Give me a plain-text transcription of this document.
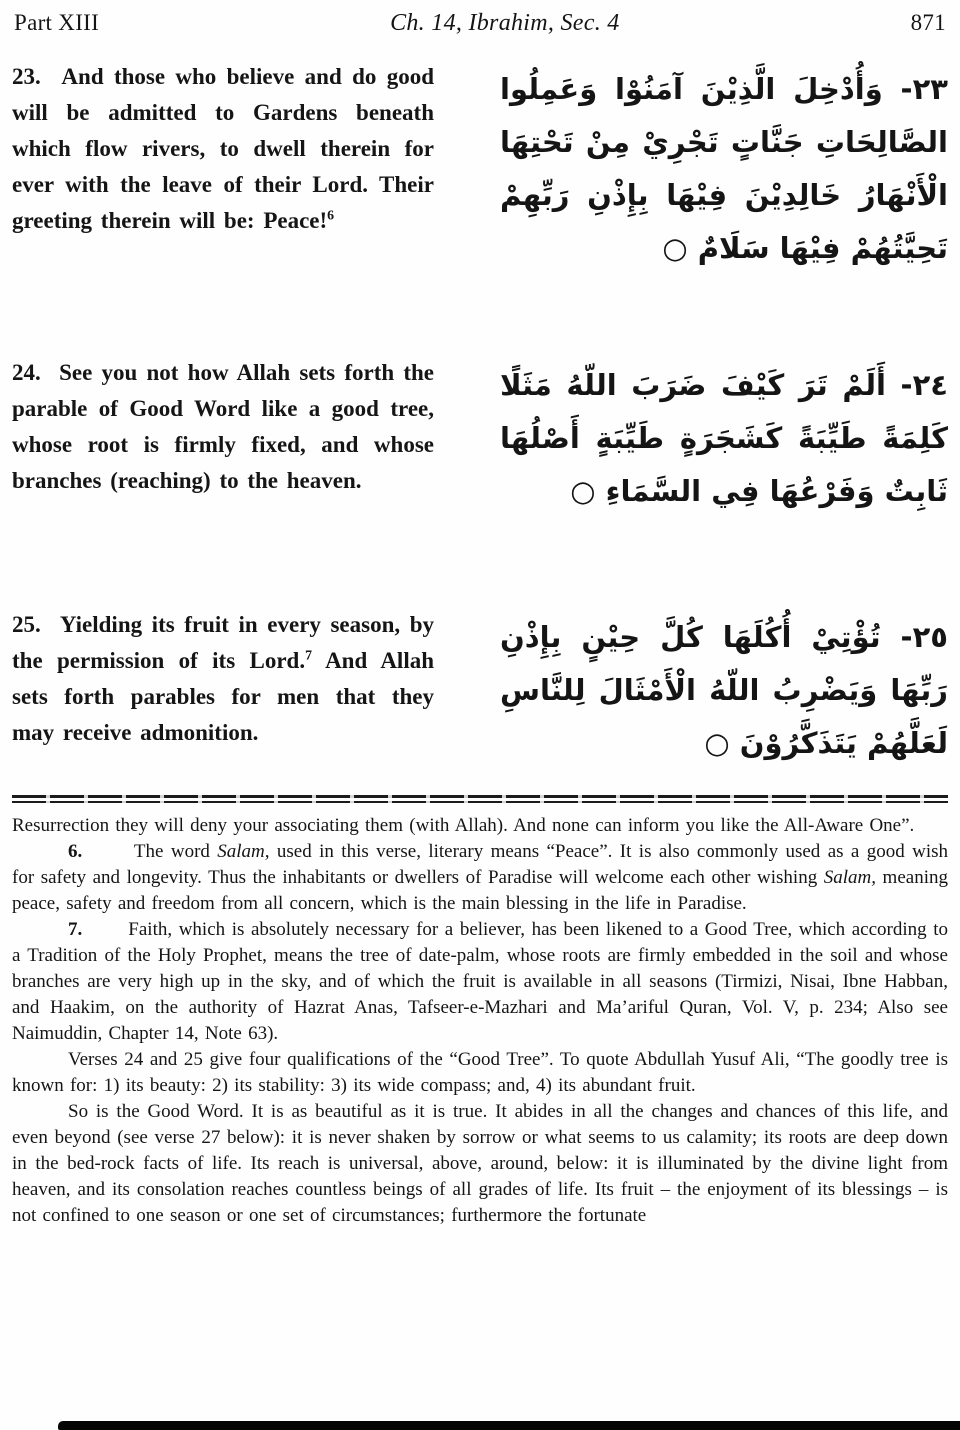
Part XIII	Ch. 14, Ibrahim, Sec. 4	871

23.  And those who believe and do good will be admitted to Gardens beneath which flow rivers, to dwell therein for ever with the leave of their Lord. Their greeting therein will be: Peace!$^6$

٢٣- وَأُدْخِلَ الَّذِيْنَ آمَنُوْا وَعَمِلُوا الصَّالِحَاتِ جَنَّاتٍ تَجْرِيْ مِنْ تَحْتِهَا الْأَنْهَارُ خَالِدِيْنَ فِيْهَا بِإِذْنِ رَبِّهِمْ تَحِيَّتُهُمْ فِيْهَا سَلَامٌ ○

24.  See you not how Allah sets forth the parable of Good Word like a good tree, whose root is firmly fixed, and whose branches (reaching) to the heaven.

٢٤- أَلَمْ تَرَ كَيْفَ ضَرَبَ اللّهُ مَثَلًا كَلِمَةً طَيِّبَةً كَشَجَرَةٍ طَيِّبَةٍ أَصْلُهَا ثَابِتٌ وَفَرْعُهَا فِي السَّمَاءِ ○

25.  Yielding its fruit in every season, by the permission of its Lord.$^7$ And Allah sets forth parables for men that they may receive admonition.

٢٥- تُؤْتِيْ أُكُلَهَا كُلَّ حِيْنٍ بِإِذْنِ رَبِّهَا وَيَضْرِبُ اللّهُ الْأَمْثَالَ لِلنَّاسِ لَعَلَّهُمْ يَتَذَكَّرُوْنَ ○

Resurrection they will deny your associating them (with Allah). And none can inform you like the All-Aware One”.

6.       The word Salam, used in this verse, literary means “Peace”. It is also commonly used as a good wish for safety and longevity. Thus the inhabitants or dwellers of Paradise will welcome each other wishing Salam, meaning peace, safety and freedom from all concern, which is the main blessing in the life in Paradise.

7.       Faith, which is absolutely necessary for a believer, has been likened to a Good Tree, which according to a Tradition of the Holy Prophet, means the tree of date-palm, whose roots are firmly embedded in the soil and whose branches are very high up in the sky, and of which the fruit is available in all seasons (Tirmizi, Nisai, Ibne Habban, and Haakim, on the authority of Hazrat Anas, Tafseer-e-Mazhari and Ma’ariful Quran, Vol. V, p. 234; Also see Naimuddin, Chapter 14, Note 63).

Verses 24 and 25 give four qualifications of the “Good Tree”. To quote Abdullah Yusuf Ali, “The goodly tree is known for: 1) its beauty: 2) its stability: 3) its wide compass; and, 4) its abundant fruit.

So is the Good Word. It is as beautiful as it is true. It abides in all the changes and chances of this life, and even beyond (see verse 27 below): it is never shaken by sorrow or what seems to us calamity; its roots are deep down in the bed-rock facts of life. Its reach is universal, above, around, below: it is illuminated by the divine light from heaven, and its consolation reaches countless beings of all grades of life. Its fruit – the enjoyment of its blessings – is not confined to one season or one set of circumstances; furthermore the fortunate
